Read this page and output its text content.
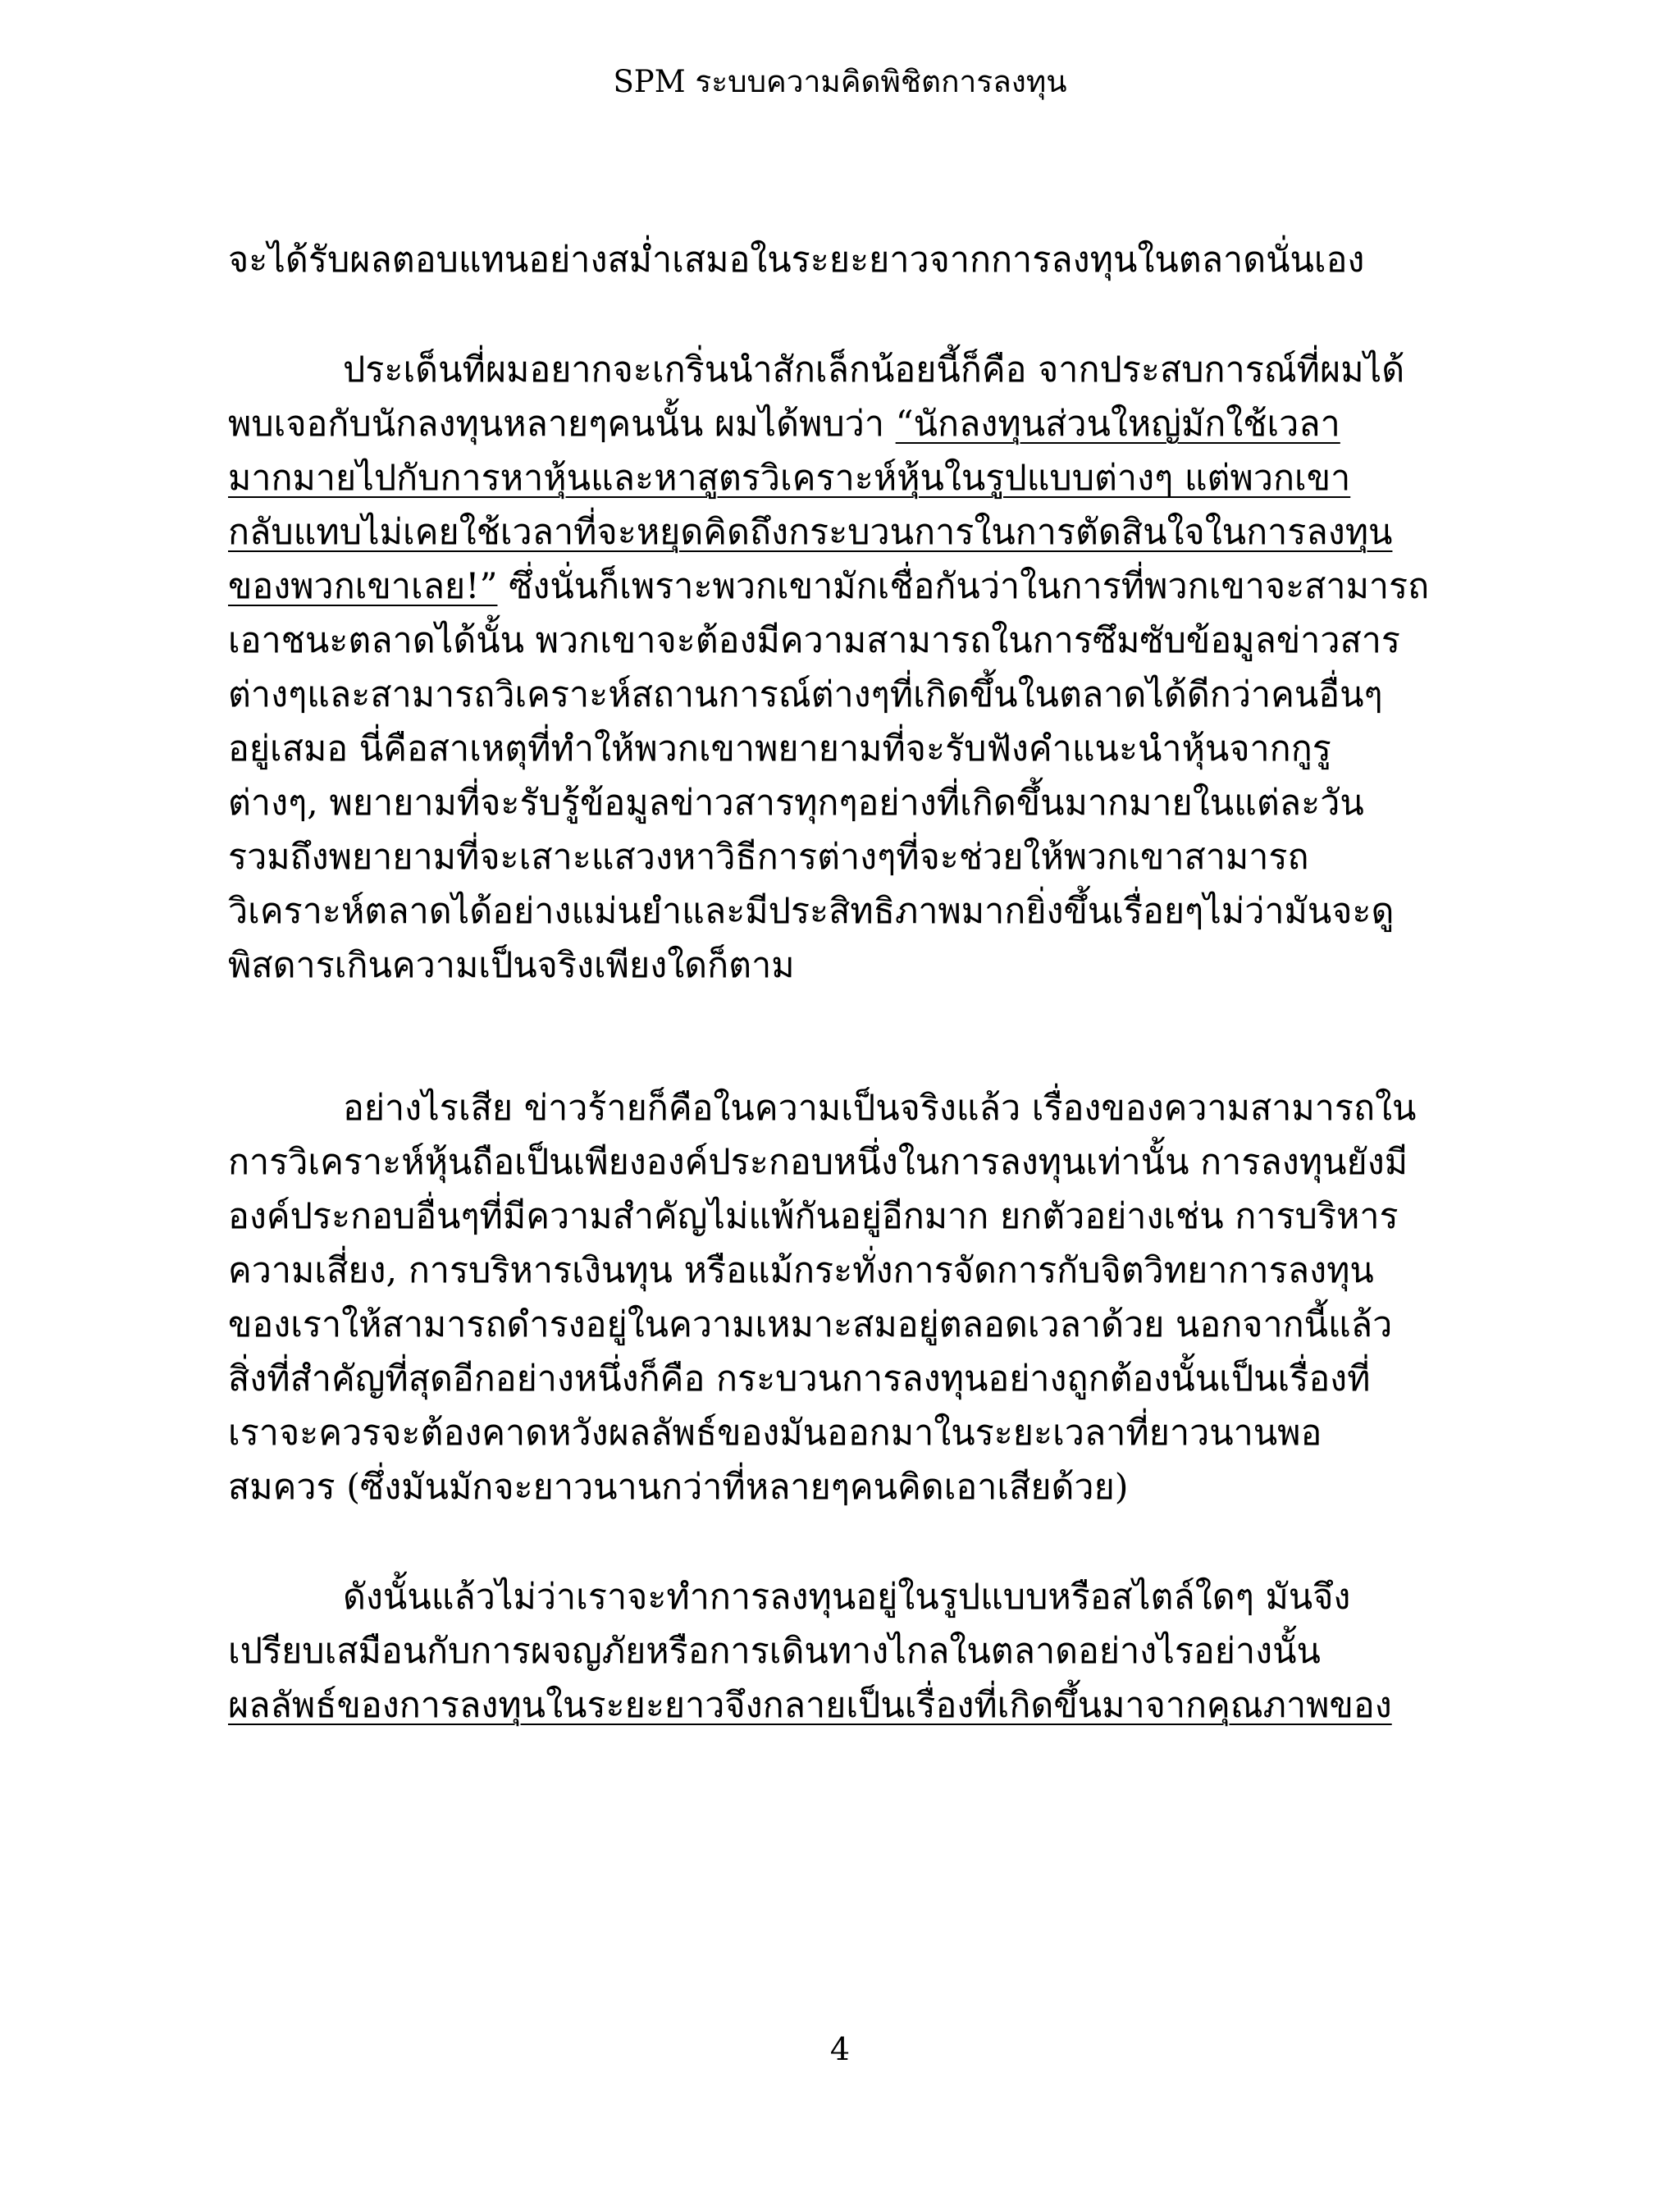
SPM ระบบความคิดพิชิตการลงทุน
จะได้รับผลตอบแทนอย่างสม่ำเสมอในระยะยาวจากการลงทุนในตลาดนั่นเอง
ประเด็นที่ผมอยากจะเกริ่นนำสักเล็กน้อยนี้ก็คือ จากประสบการณ์ที่ผมได้
พบเจอกับนักลงทุนหลายๆคนนั้น ผมได้พบว่า “นักลงทุนส่วนใหญ่มักใช้เวลา
มากมายไปกับการหาหุ้นและหาสูตรวิเคราะห์หุ้นในรูปแบบต่างๆ แต่พวกเขา
กลับแทบไม่เคยใช้เวลาที่จะหยุดคิดถึงกระบวนการในการตัดสินใจในการลงทุน
ของพวกเขาเลย!” ซึ่งนั่นก็เพราะพวกเขามักเชื่อกันว่าในการที่พวกเขาจะสามารถ
เอาชนะตลาดได้นั้น พวกเขาจะต้องมีความสามารถในการซึมซับข้อมูลข่าวสาร
ต่างๆและสามารถวิเคราะห์สถานการณ์ต่างๆที่เกิดขึ้นในตลาดได้ดีกว่าคนอื่นๆ
อยู่เสมอ นี่คือสาเหตุที่ทำให้พวกเขาพยายามที่จะรับฟังคำแนะนำหุ้นจากกูรู
ต่างๆ, พยายามที่จะรับรู้ข้อมูลข่าวสารทุกๆอย่างที่เกิดขึ้นมากมายในแต่ละวัน
รวมถึงพยายามที่จะเสาะแสวงหาวิธีการต่างๆที่จะช่วยให้พวกเขาสามารถ
วิเคราะห์ตลาดได้อย่างแม่นยำและมีประสิทธิภาพมากยิ่งขึ้นเรื่อยๆไม่ว่ามันจะดู
พิสดารเกินความเป็นจริงเพียงใดก็ตาม
อย่างไรเสีย ข่าวร้ายก็คือในความเป็นจริงแล้ว เรื่องของความสามารถใน
การวิเคราะห์หุ้นถือเป็นเพียงองค์ประกอบหนึ่งในการลงทุนเท่านั้น การลงทุนยังมี
องค์ประกอบอื่นๆที่มีความสำคัญไม่แพ้กันอยู่อีกมาก ยกตัวอย่างเช่น การบริหาร
ความเสี่ยง, การบริหารเงินทุน หรือแม้กระทั่งการจัดการกับจิตวิทยาการลงทุน
ของเราให้สามารถดำรงอยู่ในความเหมาะสมอยู่ตลอดเวลาด้วย นอกจากนี้แล้ว
สิ่งที่สำคัญที่สุดอีกอย่างหนึ่งก็คือ กระบวนการลงทุนอย่างถูกต้องนั้นเป็นเรื่องที่
เราจะควรจะต้องคาดหวังผลลัพธ์ของมันออกมาในระยะเวลาที่ยาวนานพอ
สมควร (ซึ่งมันมักจะยาวนานกว่าที่หลายๆคนคิดเอาเสียด้วย)
ดังนั้นแล้วไม่ว่าเราจะทำการลงทุนอยู่ในรูปแบบหรือสไตล์ใดๆ มันจึง
เปรียบเสมือนกับการผจญภัยหรือการเดินทางไกลในตลาดอย่างไรอย่างนั้น
ผลลัพธ์ของการลงทุนในระยะยาวจึงกลายเป็นเรื่องที่เกิดขึ้นมาจากคุณภาพของ
4
